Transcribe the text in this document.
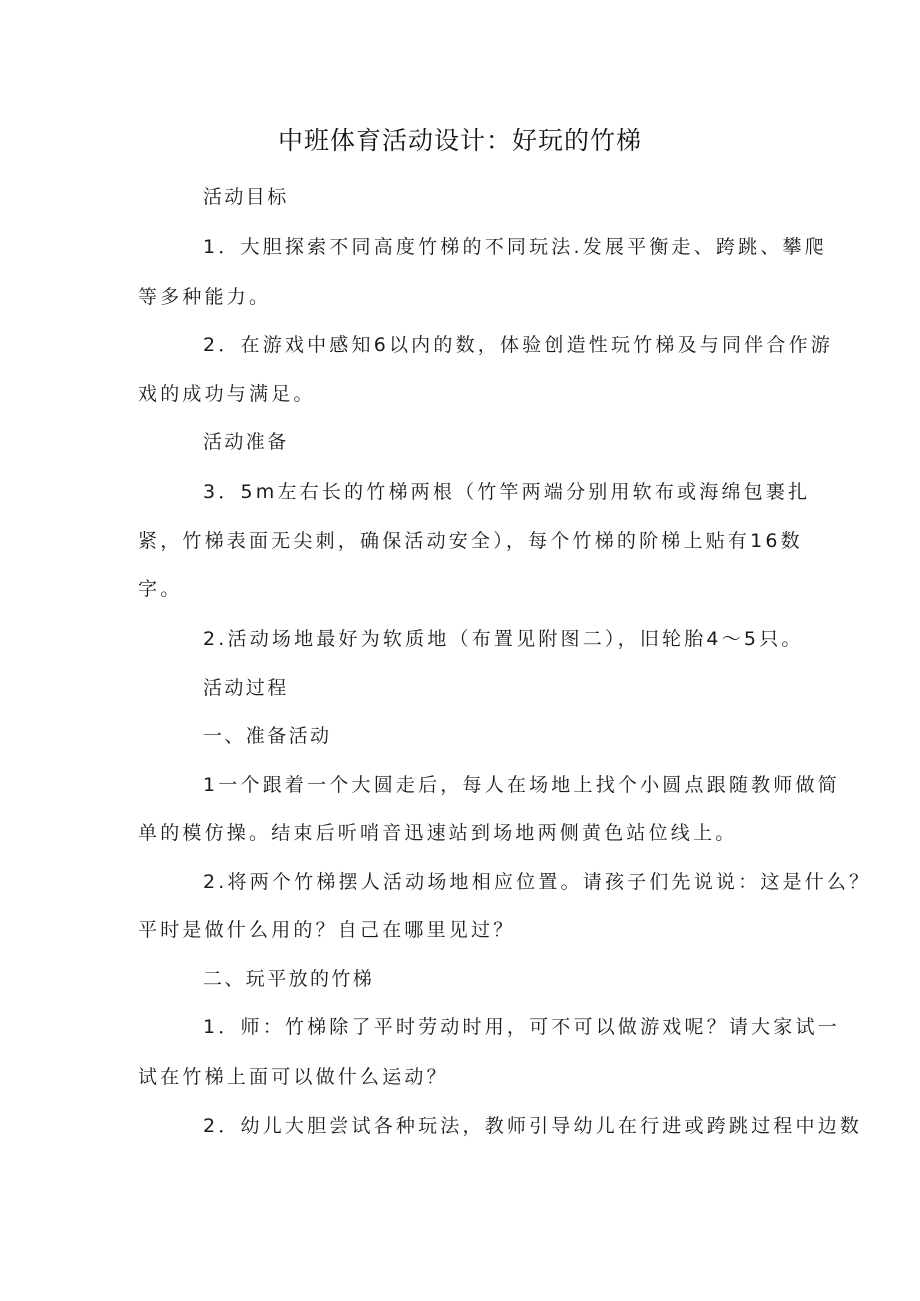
中班体育活动设计：好玩的竹梯

活动目标

1．大胆探索不同高度竹梯的不同玩法.发展平衡走、跨跳、攀爬

等多种能力。

2．在游戏中感知6以内的数，体验创造性玩竹梯及与同伴合作游

戏的成功与满足。

活动准备

3．5m左右长的竹梯两根（竹竿两端分别用软布或海绵包裹扎

紧，竹梯表面无尖刺，确保活动安全），每个竹梯的阶梯上贴有16数

字。

2.活动场地最好为软质地（布置见附图二），旧轮胎4～5只。

活动过程

一、准备活动

1一个跟着一个大圆走后，每人在场地上找个小圆点跟随教师做简

单的模仿操。结束后听哨音迅速站到场地两侧黄色站位线上。

2.将两个竹梯摆人活动场地相应位置。请孩子们先说说：这是什么？

平时是做什么用的？自己在哪里见过？

二、玩平放的竹梯

1．师：竹梯除了平时劳动时用，可不可以做游戏呢？请大家试一

试在竹梯上面可以做什么运动？

2．幼儿大胆尝试各种玩法，教师引导幼儿在行进或跨跳过程中边数
